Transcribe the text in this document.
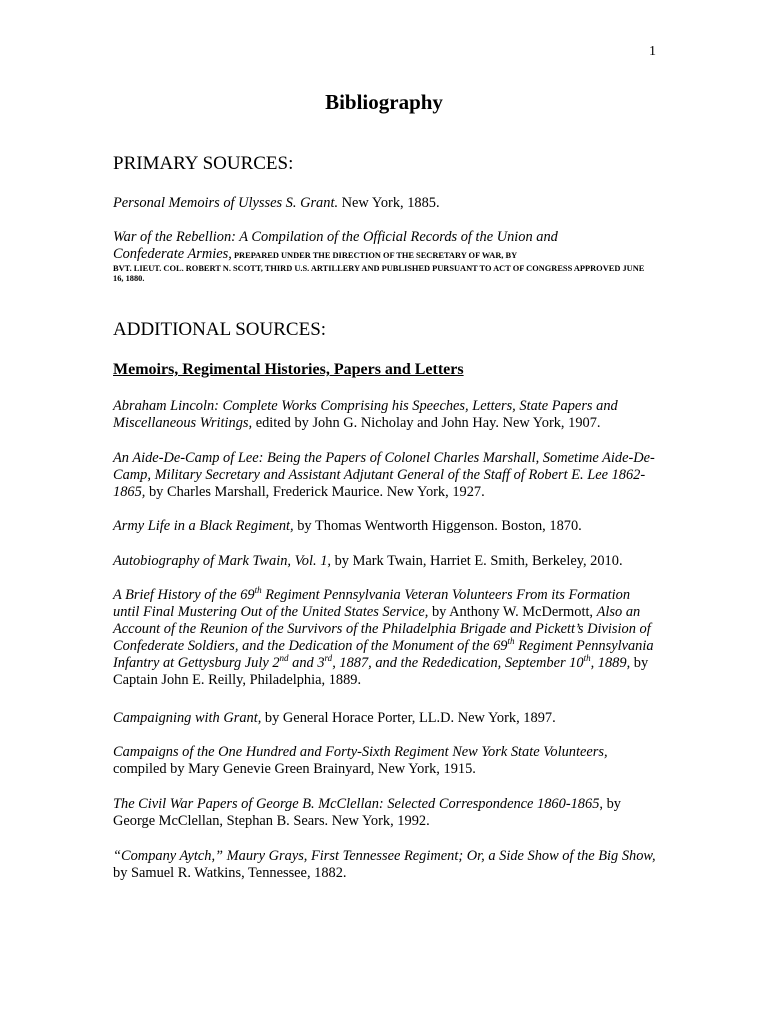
1
Bibliography
PRIMARY SOURCES:

Personal Memoirs of Ulysses S. Grant. New York, 1885.

War of the Rebellion: A Compilation of the Official Records of the Union and Confederate Armies, PREPARED UNDER THE DIRECTION OF THE SECRETARY OF WAR, BY

BVT. LIEUT. COL. ROBERT N. SCOTT, THIRD U.S. ARTILLERY AND PUBLISHED PURSUANT TO ACT OF CONGRESS APPROVED JUNE 16, 1880.

ADDITIONAL SOURCES:
Memoirs, Regimental Histories, Papers and Letters

Abraham Lincoln: Complete Works Comprising his Speeches, Letters, State Papers and Miscellaneous Writings, edited by John G. Nicholay and John Hay. New York, 1907.

An Aide-De-Camp of Lee: Being the Papers of Colonel Charles Marshall, Sometime Aide-De-Camp, Military Secretary and Assistant Adjutant General of the Staff of Robert E. Lee 1862-1865, by Charles Marshall, Frederick Maurice. New York, 1927.

Army Life in a Black Regiment, by Thomas Wentworth Higgenson. Boston, 1870.

Autobiography of Mark Twain, Vol. 1, by Mark Twain, Harriet E. Smith, Berkeley, 2010.

A Brief History of the 69th Regiment Pennsylvania Veteran Volunteers From its Formation until Final Mustering Out of the United States Service, by Anthony W. McDermott, Also an Account of the Reunion of the Survivors of the Philadelphia Brigade and Pickett’s Division of Confederate Soldiers, and the Dedication of the Monument of the 69th Regiment Pennsylvania Infantry at Gettysburg July 2nd and 3rd, 1887, and the Rededication, September 10th, 1889, by Captain John E. Reilly, Philadelphia, 1889.

Campaigning with Grant, by General Horace Porter, LL.D. New York, 1897.

Campaigns of the One Hundred and Forty-Sixth Regiment New York State Volunteers, compiled by Mary Genevie Green Brainyard, New York, 1915.

The Civil War Papers of George B. McClellan: Selected Correspondence 1860-1865, by George McClellan, Stephan B. Sears. New York, 1992.

“Company Aytch,” Maury Grays, First Tennessee Regiment; Or, a Side Show of the Big Show, by Samuel R. Watkins, Tennessee, 1882.
